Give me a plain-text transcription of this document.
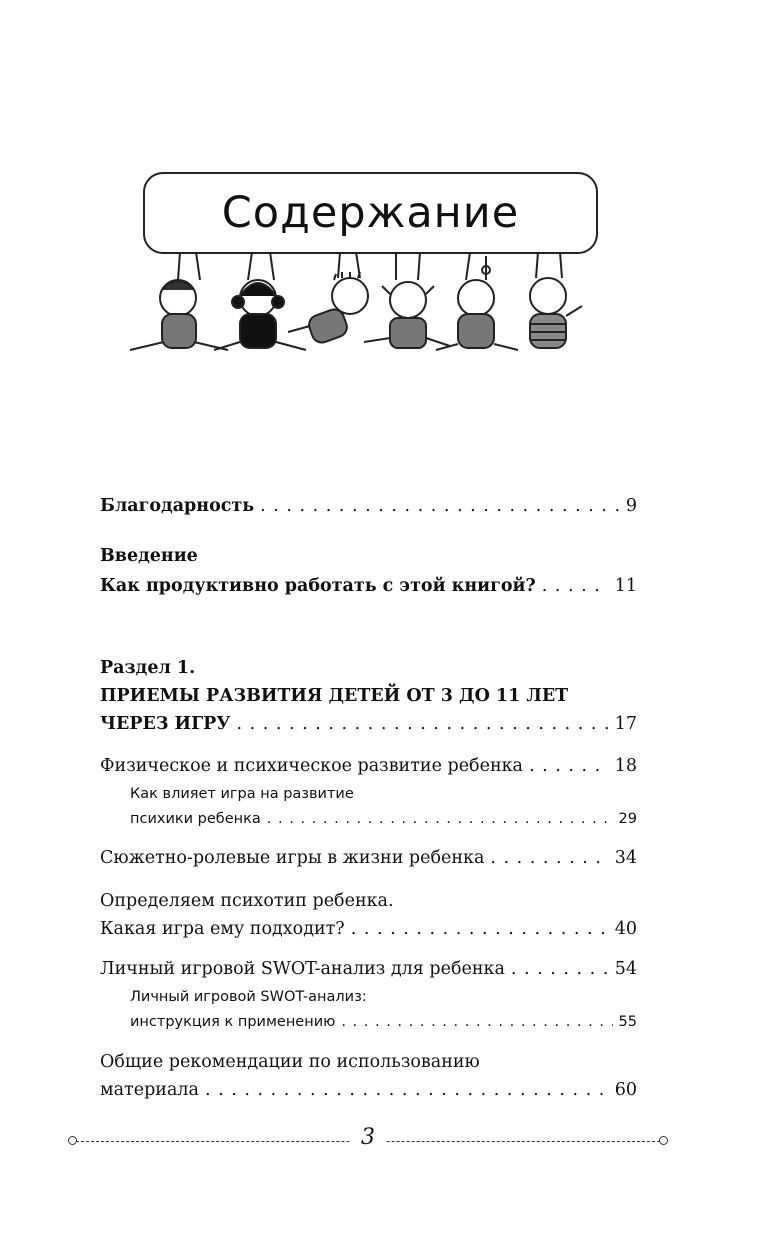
Содержание
Благодарность . . .	9
Введение
Как продуктивно работать с этой книгой? . . .	11
Раздел 1.
ПРИЕМЫ РАЗВИТИЯ ДЕТЕЙ ОТ 3 ДО 11 ЛЕТ
ЧЕРЕЗ ИГРУ . . .	17
Физическое и психическое развитие ребенка . . .	18
Как влияет игра на развитие
психики ребенка . . .	29
Сюжетно-ролевые игры в жизни ребенка . . .	34
Определяем психотип ребенка.
Какая игра ему подходит? . . .	40
Личный игровой SWOT-анализ для ребенка . . .	54
Личный игровой SWOT-анализ:
инструкция к применению . . .	55
Общие рекомендации по использованию
материала . . .	60
3
